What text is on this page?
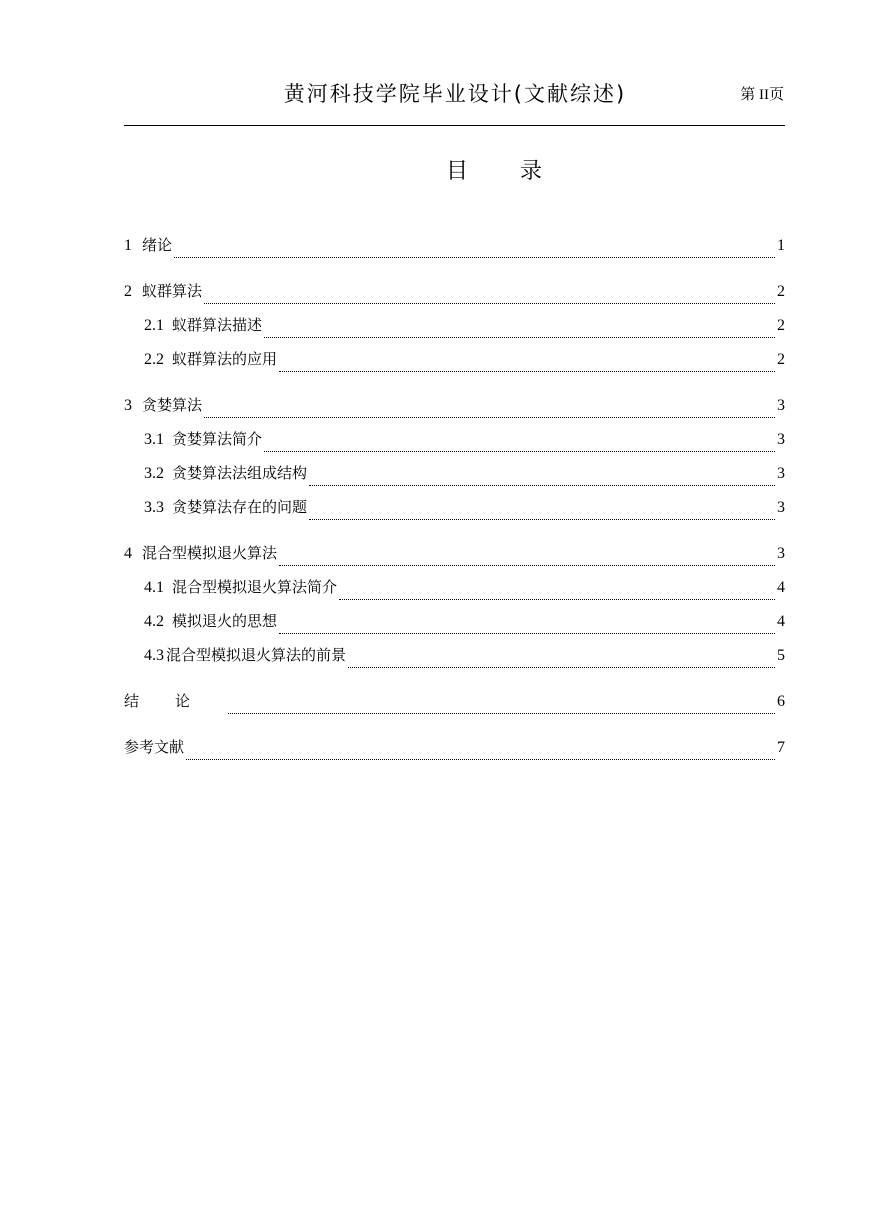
黄河科技学院毕业设计(文献综述)	第 II页
目 录
1 绪论	1
2 蚁群算法	2
2.1 蚁群算法描述	2
2.2 蚁群算法的应用	2
3 贪婪算法	3
3.1 贪婪算法简介	3
3.2 贪婪算法法组成结构	3
3.3 贪婪算法存在的问题	3
4 混合型模拟退火算法	3
4.1 混合型模拟退火算法简介	4
4.2 模拟退火的思想	4
4.3 混合型模拟退火算法的前景	5
结论	6
参考文献	7
